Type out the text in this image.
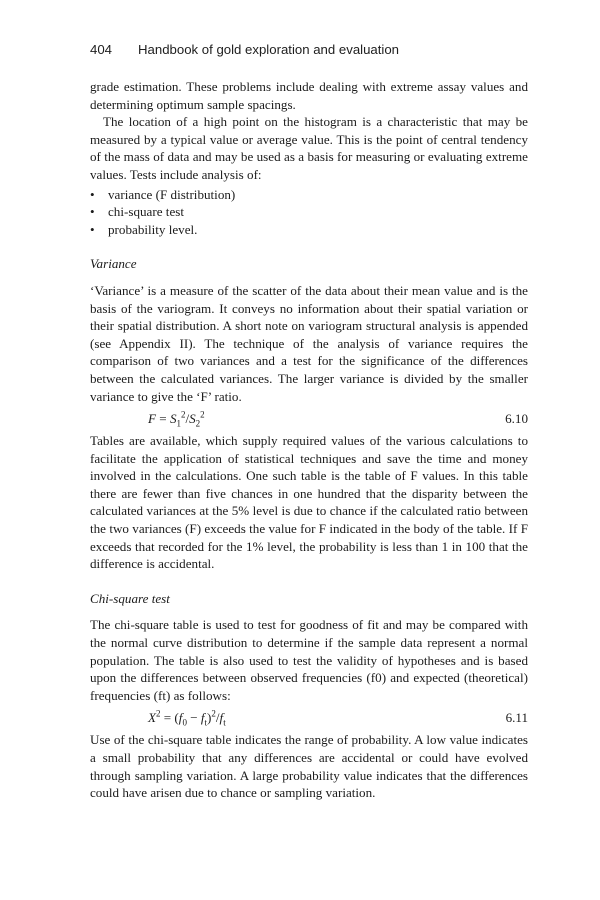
404 Handbook of gold exploration and evaluation

grade estimation. These problems include dealing with extreme assay values and determining optimum sample spacings.

The location of a high point on the histogram is a characteristic that may be measured by a typical value or average value. This is the point of central tendency of the mass of data and may be used as a basis for measuring or evaluating extreme values. Tests include analysis of:

• variance (F distribution)
• chi-square test
• probability level.
Variance

‘Variance’ is a measure of the scatter of the data about their mean value and is the basis of the variogram. It conveys no information about their spatial variation or their spatial distribution. A short note on variogram structural analysis is appended (see Appendix II). The technique of the analysis of variance requires the comparison of two variances and a test for the significance of the differences between the calculated variances. The larger variance is divided by the smaller variance to give the ‘F’ ratio.

$F = S_1^2/S_2^2$	6.10

Tables are available, which supply required values of the various calculations to facilitate the application of statistical techniques and save the time and money involved in the calculations. One such table is the table of F values. In this table there are fewer than five chances in one hundred that the disparity between the calculated variances at the 5% level is due to chance if the calculated ratio between the two variances (F) exceeds the value for F indicated in the body of the table. If F exceeds that recorded for the 1% level, the probability is less than 1 in 100 that the difference is accidental.

Chi-square test

The chi-square table is used to test for goodness of fit and may be compared with the normal curve distribution to determine if the sample data represent a normal population. The table is also used to test the validity of hypotheses and is based upon the differences between observed frequencies (f0) and expected (theoretical) frequencies (ft) as follows:

$X^2 = (f_0 - f_t)^2/f_t$	6.11

Use of the chi-square table indicates the range of probability. A low value indicates a small probability that any differences are accidental or could have evolved through sampling variation. A large probability value indicates that the differences could have arisen due to chance or sampling variation.
